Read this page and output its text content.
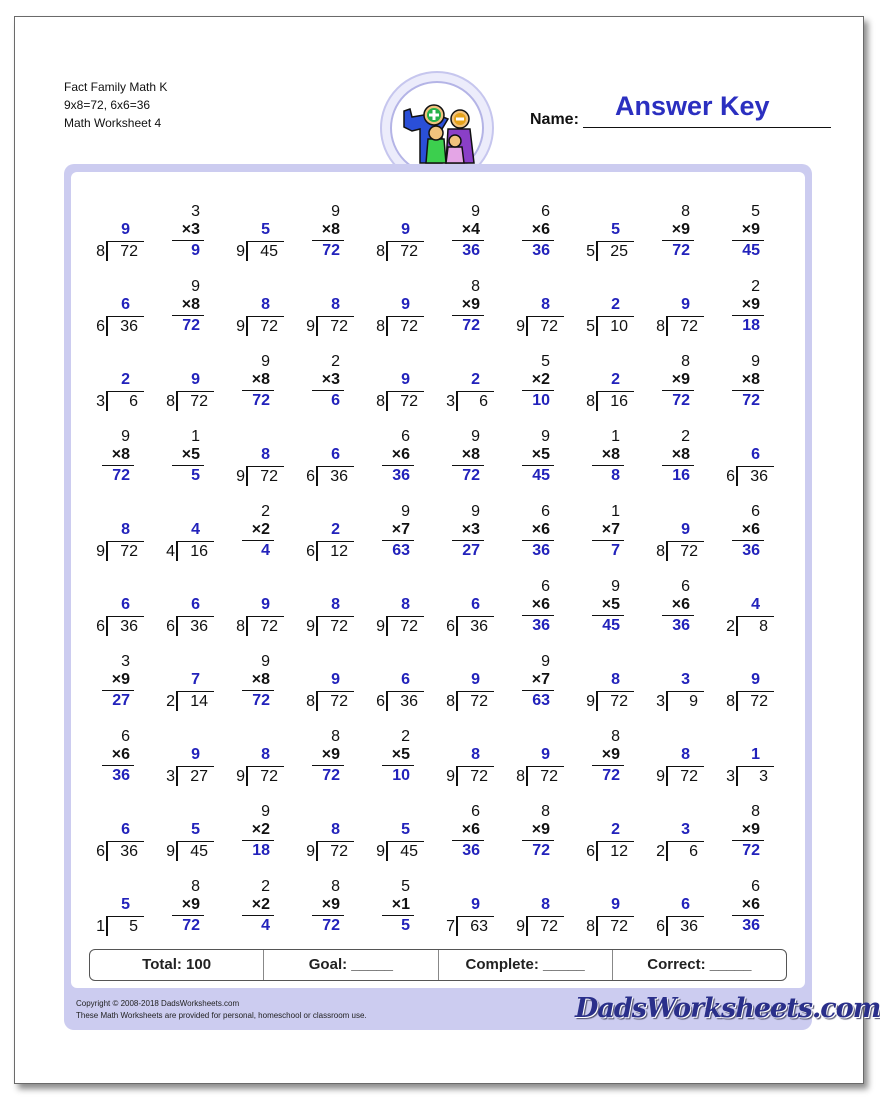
Fact Family Math K
9x8=72, 6x6=36
Math Worksheet 4	Name: Answer Key
9
8 72
3
×3
9
5
9 45
9
×8
72
9
8 72
9
×4
36
6
×6
36
5
5 25
8
×9
72
5
×9
45
6
6 36
9
×8
72
8
9 72
8
9 72
9
8 72
8
×9
72
8
9 72
2
5 10
9
8 72
2
×9
18
2
3 6
9
8 72
9
×8
72
2
×3
6
9
8 72
2
3 6
5
×2
10
2
8 16
8
×9
72
9
×8
72
9
×8
72
1
×5
5
8
9 72
6
6 36
6
×6
36
9
×8
72
9
×5
45
1
×8
8
2
×8
16
6
6 36
8
9 72
4
4 16
2
×2
4
2
6 12
9
×7
63
9
×3
27
6
×6
36
1
×7
7
9
8 72
6
×6
36
6
6 36
6
6 36
9
8 72
8
9 72
8
9 72
6
6 36
6
×6
36
9
×5
45
6
×6
36
4
2 8
3
×9
27
7
2 14
9
×8
72
9
8 72
6
6 36
9
8 72
9
×7
63
8
9 72
3
3 9
9
8 72
6
×6
36
9
3 27
8
9 72
8
×9
72
2
×5
10
8
9 72
9
8 72
8
×9
72
8
9 72
1
3 3
6
6 36
5
9 45
9
×2
18
8
9 72
5
9 45
6
×6
36
8
×9
72
2
6 12
3
2 6
8
×9
72
5
1 5
8
×9
72
2
×2
4
8
×9
72
5
×1
5
9
7 63
8
9 72
9
8 72
6
6 36
6
×6
36
Total: 100	Goal: _____	Complete: _____	Correct: _____
Copyright © 2008-2018 DadsWorksheets.com
These Math Worksheets are provided for personal, homeschool or classroom use.	DadsWorksheets.com
